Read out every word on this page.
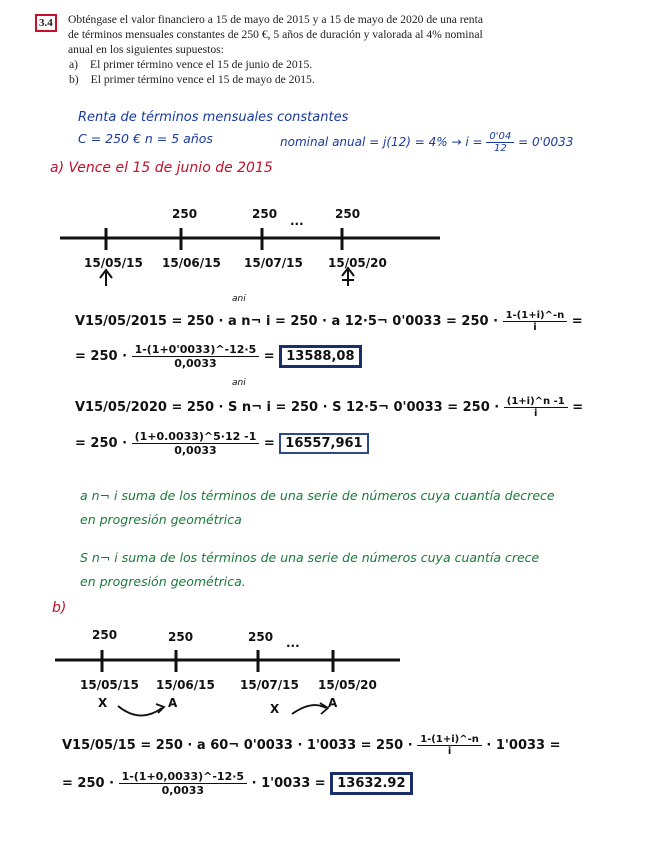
3.4	Obténgase el valor financiero a 15 de mayo de 2015 y a 15 de mayo de 2020 de una renta

de términos mensuales constantes de 250 €, 5 años de duración y valorada al 4% nominal

anual en los siguientes supuestos:

a) El primer término vence el 15 de junio de 2015.
b) El primer término vence el 15 de mayo de 2015.
Renta de términos mensuales constantes
C = 250 € n = 5 años	nominal anual = $j(12) = 4\% \to i = \frac{0'04}{12} = 0'0033$
a) Vence el 15 de junio de 2015
250	250 ...	250
15/05/15 15/06/15 15/07/15 15/05/20
ani
V15/05/2015 = 250 · a n¬ i = 250 · a 12·5¬ $0'0033 = 250 \cdot \frac{1-(1+i)\^{}-n}{i}$ =
= $250 \cdot \frac{1-(1+0'0033)\^{}-12\cdot 5}{0,0033} = 13588,08$
ani
V15/05/2020 = 250 · S n¬ i = 250 · S 12·5¬ $0'0033 = 250 \cdot \frac{(1+i)\^{}n -1}{i}$ =
= $250 \cdot \frac{(1+0.0033)\^{}5\cdot 12 -1}{0,0033} = 16557,961$
a n¬ i suma de los términos de una serie de números cuya cuantía decrece
en progresión geométrica
S n¬ i suma de los términos de una serie de números cuya cuantía crece
en progresión geométrica.
b)
250	250	250 ...
15/05/15 15/06/15 15/07/15 15/05/20
X	A	X	A
V15/05/15 = 250 · a 60¬ $0'0033 \cdot 1'0033 = 250 \cdot \frac{1-(1+i)\^{}-n}{i} \cdot 1'0033$ =
= $250 \cdot \frac{1-(1+0,0033)\^{}-12\cdot 5}{0,0033} \cdot 1'0033 = 13632.92$
